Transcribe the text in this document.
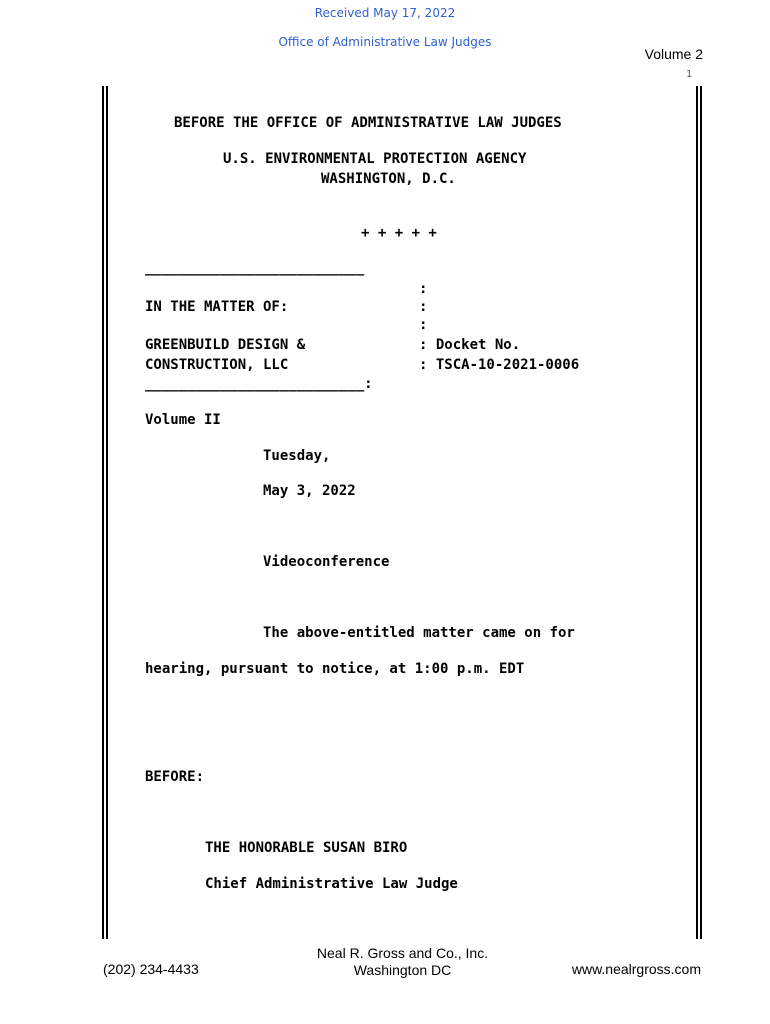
Received May 17, 2022
Office of Administrative Law Judges
Volume 2
1
BEFORE THE OFFICE OF ADMINISTRATIVE LAW JUDGES
U.S. ENVIRONMENTAL PROTECTION AGENCY
WASHINGTON, D.C.
+ + + + +
__________________________
:
IN THE MATTER OF:	:
:
GREENBUILD DESIGN &	: Docket No.
CONSTRUCTION, LLC	: TSCA-10-2021-0006
__________________________:
Volume II
Tuesday,
May 3, 2022
Videoconference
The above-entitled matter came on for
hearing, pursuant to notice, at 1:00 p.m. EDT
BEFORE:
THE HONORABLE SUSAN BIRO
Chief Administrative Law Judge
(202) 234-4433
Neal R. Gross and Co., Inc.
Washington DC	www.nealrgross.com
